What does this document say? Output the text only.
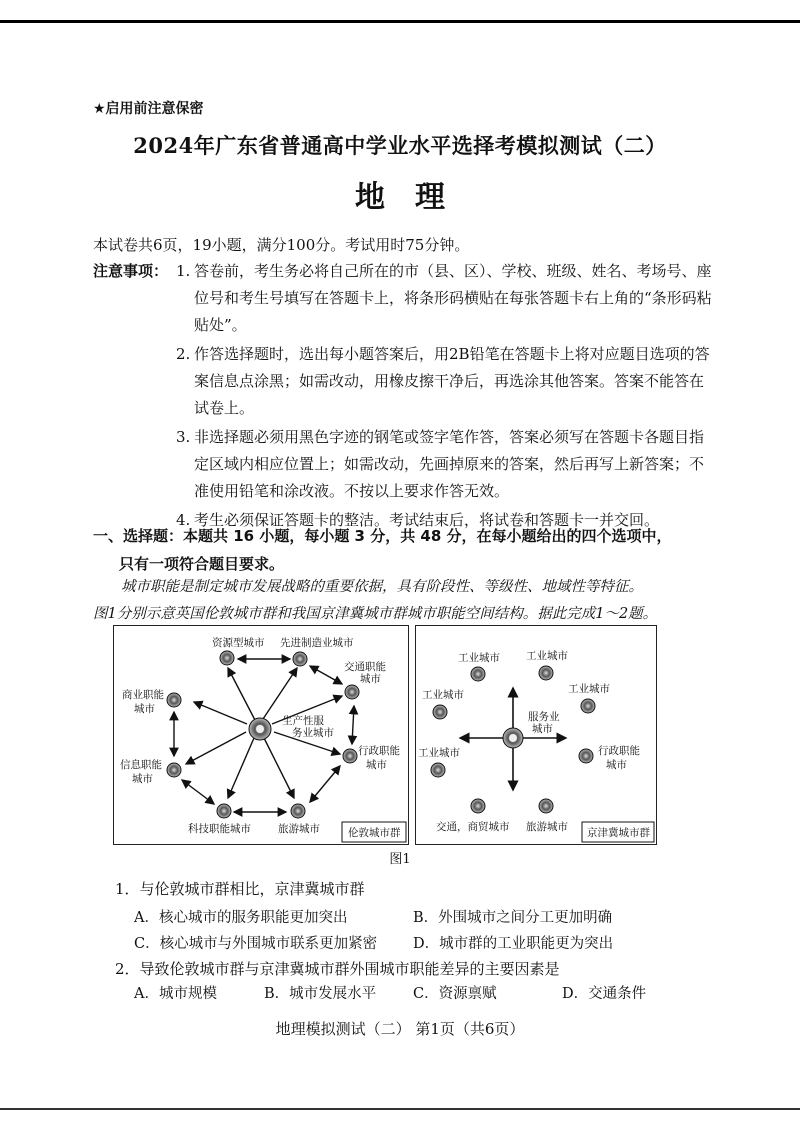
★启用前注意保密
2024年广东省普通高中学业水平选择考模拟测试（二）
地理
本试卷共6页，19小题，满分100分。考试用时75分钟。
注意事项： 1. 答卷前，考生务必将自己所在的市（县、区）、学校、班级、姓名、考场号、座位号和考生号填写在答题卡上，将条形码横贴在每张答题卡右上角的“条形码粘贴处”。
2. 作答选择题时，选出每小题答案后，用2B铅笔在答题卡上将对应题目选项的答案信息点涂黑；如需改动，用橡皮擦干净后，再选涂其他答案。答案不能答在试卷上。
3. 非选择题必须用黑色字迹的钢笔或签字笔作答，答案必须写在答题卡各题目指定区域内相应位置上；如需改动，先画掉原来的答案，然后再写上新答案；不准使用铅笔和涂改液。不按以上要求作答无效。
4. 考生必须保证答题卡的整洁。考试结束后，将试卷和答题卡一并交回。
一、选择题：本题共 16 小题，每小题 3 分，共 48 分，在每小题给出的四个选项中，
只有一项符合题目要求。
城市职能是制定城市发展战略的重要依据，具有阶段性、等级性、地域性等特征。
图1分别示意英国伦敦城市群和我国京津冀城市群城市职能空间结构。据此完成1～2题。
资源型城市 先进制造业城市
交通职能
城市
商业职能
城市
生产性服
务业城市
行政职能
城市
信息职能
城市
科技职能城市	旅游城市	伦敦城市群
工业城市 工业城市
工业城市	工业城市
工业城市
服务业
城市
行政职能
城市
交通，商贸城市 旅游城市 京津冀城市群
图1
1．与伦敦城市群相比，京津冀城市群
A．核心城市的服务职能更加突出	B．外围城市之间分工更加明确
C．核心城市与外围城市联系更加紧密 D．城市群的工业职能更为突出
2．导致伦敦城市群与京津冀城市群外围城市职能差异的主要因素是
A．城市规模	B．城市发展水平	C．资源禀赋	D．交通条件
地理模拟测试（二） 第1页（共6页）
